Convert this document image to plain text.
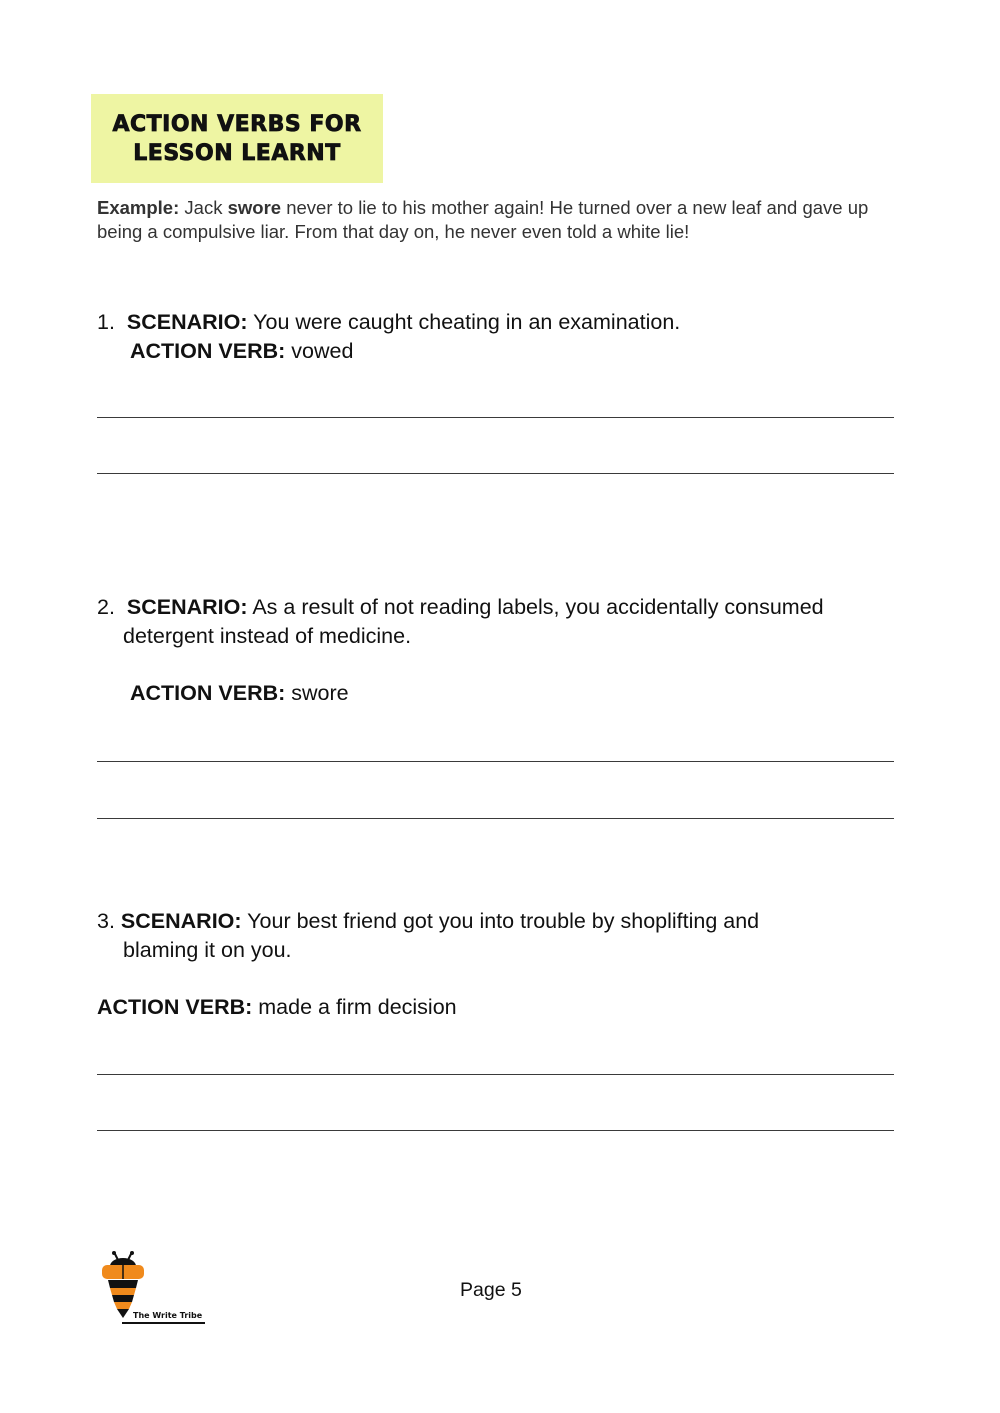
ACTION VERBS FOR LESSON LEARNT
Example: Jack swore never to lie to his mother again! He turned over a new leaf and gave up being a compulsive liar. From that day on, he never even told a white lie!
1. SCENARIO: You were caught cheating in an examination.
ACTION VERB: vowed
2. SCENARIO: As a result of not reading labels, you accidentally consumed
detergent instead of medicine.
ACTION VERB: swore
3. SCENARIO: Your best friend got you into trouble by shoplifting and
blaming it on you.
ACTION VERB: made a firm decision
The Write Tribe
Page 5
